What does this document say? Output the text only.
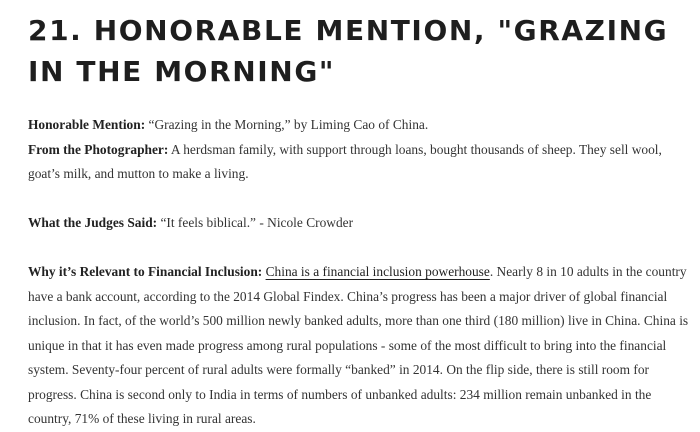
21. HONORABLE MENTION, "GRAZING IN THE MORNING"

Honorable Mention: “Grazing in the Morning,” by Liming Cao of China.

From the Photographer: A herdsman family, with support through loans, bought thousands of sheep. They sell wool, goat’s milk, and mutton to make a living.

What the Judges Said: “It feels biblical.” - Nicole Crowder

Why it’s Relevant to Financial Inclusion: China is a financial inclusion powerhouse. Nearly 8 in 10 adults in the country have a bank account, according to the 2014 Global Findex. China’s progress has been a major driver of global financial inclusion. In fact, of the world’s 500 million newly banked adults, more than one third (180 million) live in China. China is unique in that it has even made progress among rural populations - some of the most difficult to bring into the financial system. Seventy-four percent of rural adults were formally “banked” in 2014. On the flip side, there is still room for progress. China is second only to India in terms of numbers of unbanked adults: 234 million remain unbanked in the country, 71% of these living in rural areas.
